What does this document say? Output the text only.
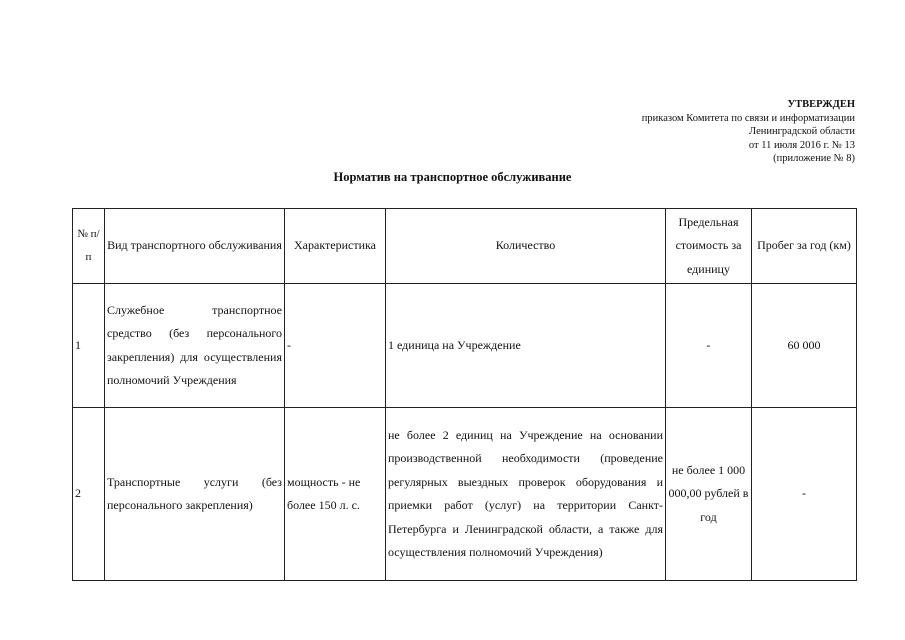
УТВЕРЖДЕН
приказом Комитета по связи и информатизации
Ленинградской области
от 11 июля 2016 г. № 13
(приложение № 8)
Норматив на транспортное обслуживание
№ п/п	Вид транспортного обслуживания	Характеристика	Количество	Предельная стоимость за единицу	Пробег за год (км)
1	Служебное транспортное средство (без персонального закрепления) для осуществления полномочий Учреждения	-	1 единица на Учреждение	-	60 000
2	Транспортные услуги (без персонального закрепления)	мощность - не более 150 л. с.	не более 2 единиц на Учреждение на основании производственной необходимости (проведение регулярных выездных проверок оборудования и приемки работ (услуг) на территории Санкт-Петербурга и Ленинградской области, а также для осуществления полномочий Учреждения)	не более 1 000 000,00 рублей в год	-
